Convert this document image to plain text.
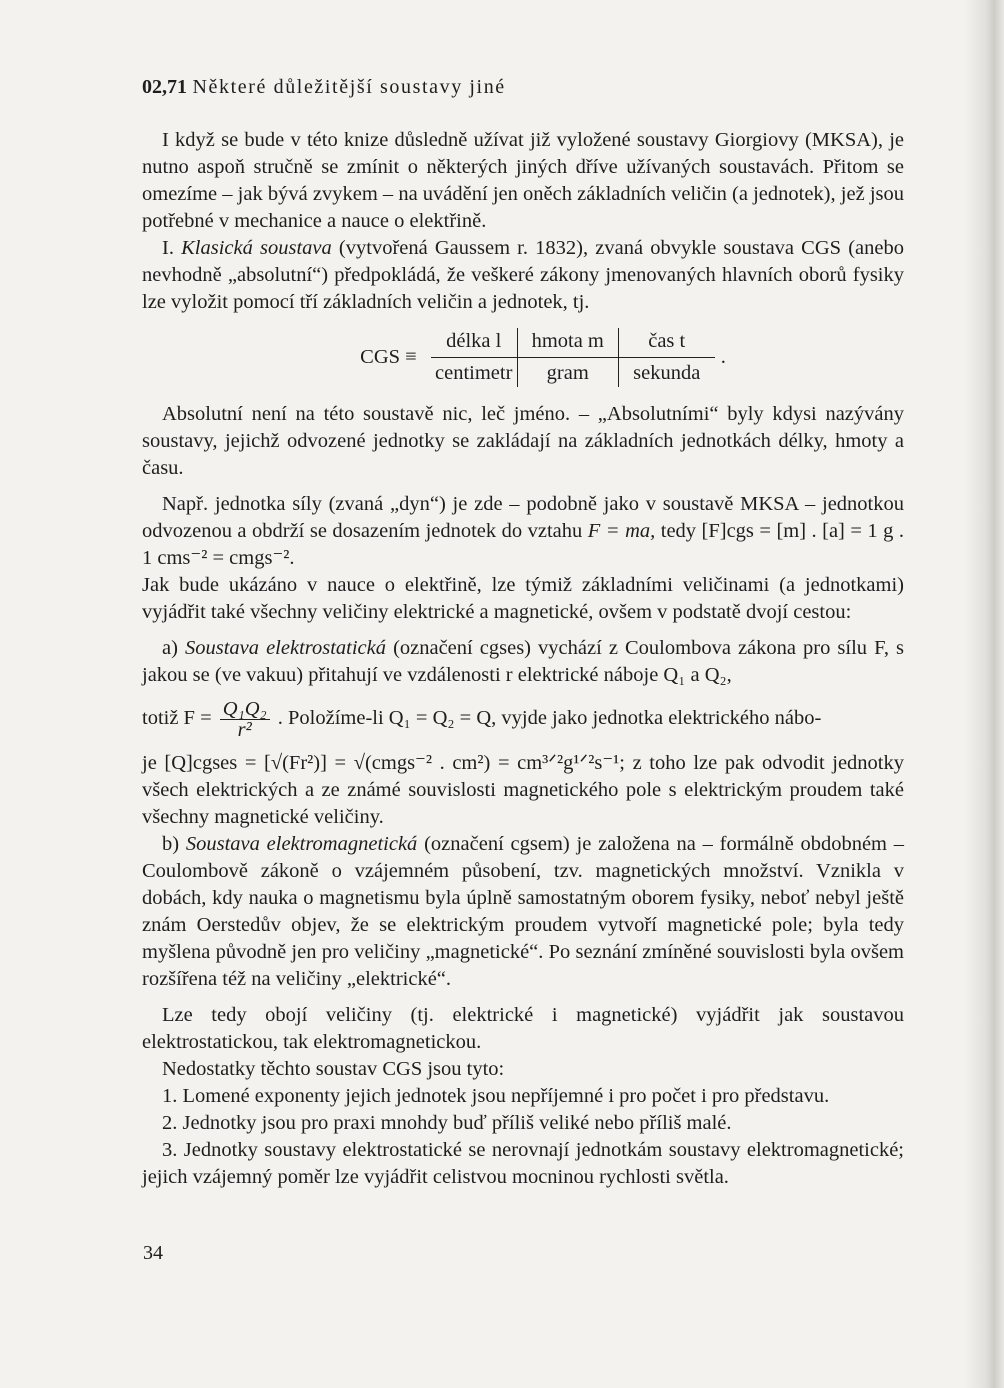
02,71 Některé důležitější soustavy jiné

I když se bude v této knize důsledně užívat již vyložené soustavy Giorgiovy (MKSA), je nutno aspoň stručně se zmínit o některých jiných dříve užívaných soustavách. Přitom se omezíme – jak bývá zvykem – na uvádění jen oněch základních veličin (a jednotek), jež jsou potřebné v mechanice a nauce o elektřině.

I. Klasická soustava (vytvořená Gaussem r. 1832), zvaná obvykle soustava CGS (anebo nevhodně „absolutní“) předpokládá, že veškeré zákony jmenovaných hlavních oborů fysiky lze vyložit pomocí tří základních veličin a jednotek, tj.

CGS ≡
délka l
centimetr
hmota m
gram
čas t
sekunda
.

Absolutní není na této soustavě nic, leč jméno. – „Absolutními“ byly kdysi nazývány soustavy, jejichž odvozené jednotky se zakládají na základních jednotkách délky, hmoty a času.

Např. jednotka síly (zvaná „dyn“) je zde – podobně jako v soustavě MKSA – jednotkou odvozenou a obdrží se dosazením jednotek do vztahu F = ma, tedy [F]cgs = [m] . [a] = 1 g . 1 cms⁻² = cmgs⁻².

Jak bude ukázáno v nauce o elektřině, lze týmiž základními veličinami (a jednotkami) vyjádřit také všechny veličiny elektrické a magnetické, ovšem v podstatě dvojí cestou:

a) Soustava elektrostatická (označení cgses) vychází z Coulombova zákona pro sílu F, s jakou se (ve vakuu) přitahují ve vzdálenosti r elektrické náboje Q₁ a Q₂,

totiž $F = \frac{\text{Q₁Q₂}}{\text{r²}}$ . Položíme-li Q₁ = Q₂ = Q, vyjde jako jednotka elektrického nábo-

je [Q]cgses = [√(Fr²)] = √(cmgs⁻² . cm²) = cm³ᐟ²g¹ᐟ²s⁻¹; z toho lze pak odvodit jednotky všech elektrických a ze známé souvislosti magnetického pole s elektrickým proudem také všechny magnetické veličiny.

b) Soustava elektromagnetická (označení cgsem) je založena na – formálně obdobném – Coulombově zákoně o vzájemném působení, tzv. magnetických množství. Vznikla v dobách, kdy nauka o magnetismu byla úplně samostatným oborem fysiky, neboť nebyl ještě znám Oerstedův objev, že se elektrickým proudem vytvoří magnetické pole; byla tedy myšlena původně jen pro veličiny „magnetické“. Po seznání zmíněné souvislosti byla ovšem rozšířena též na veličiny „elektrické“.

Lze tedy obojí veličiny (tj. elektrické i magnetické) vyjádřit jak soustavou elektrostatickou, tak elektromagnetickou.

Nedostatky těchto soustav CGS jsou tyto:

1. Lomené exponenty jejich jednotek jsou nepříjemné i pro počet i pro představu.

2. Jednotky jsou pro praxi mnohdy buď příliš veliké nebo příliš malé.

3. Jednotky soustavy elektrostatické se nerovnají jednotkám soustavy elektromagnetické; jejich vzájemný poměr lze vyjádřit celistvou mocninou rychlosti světla.

34
